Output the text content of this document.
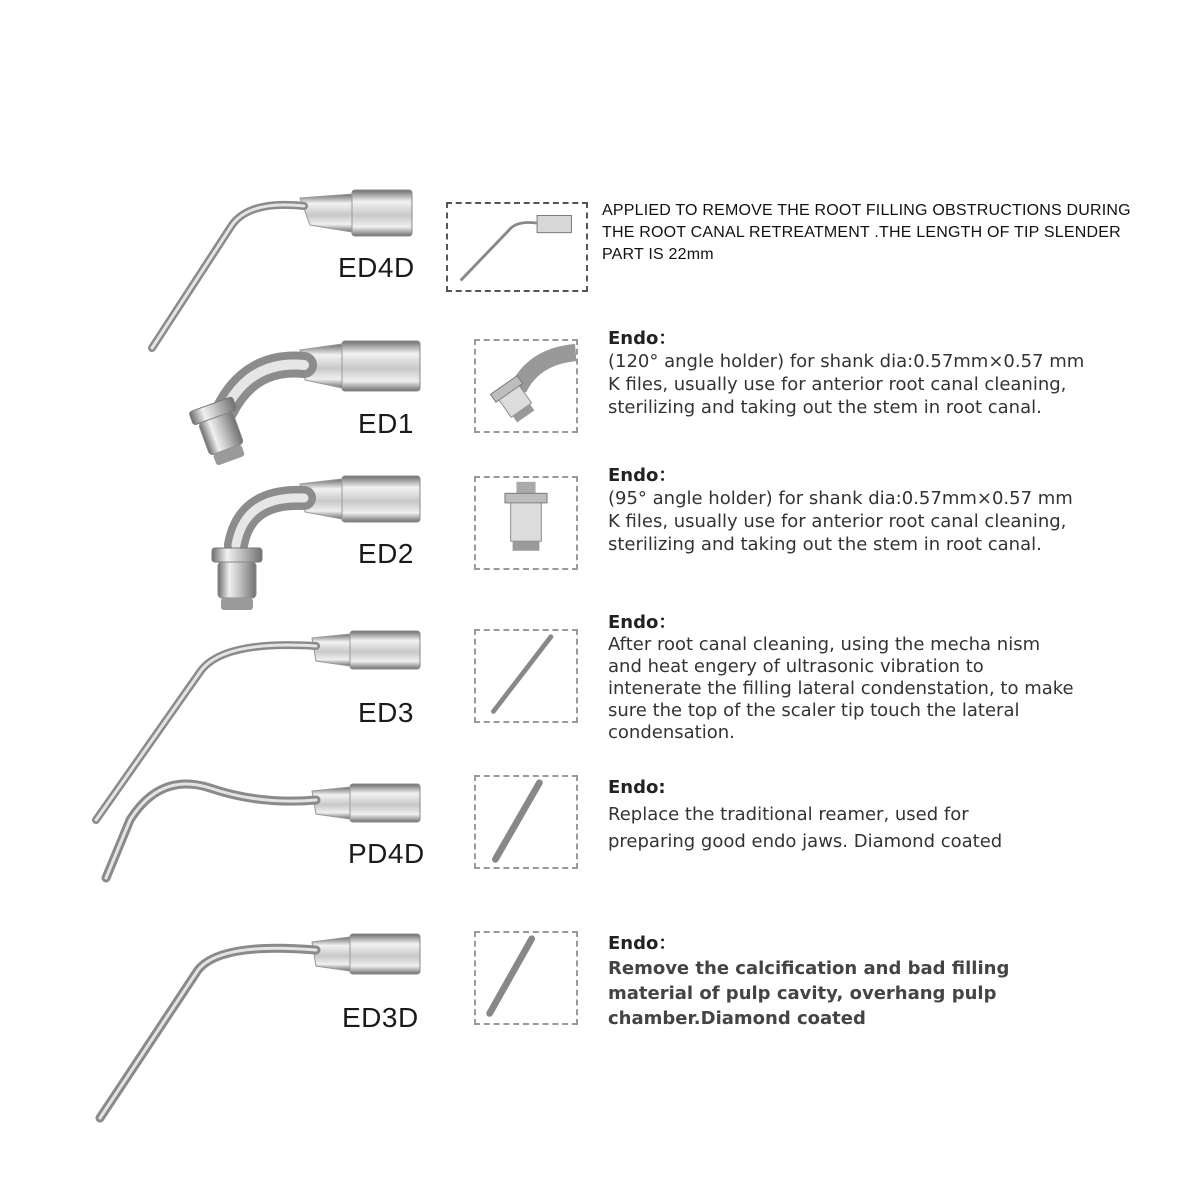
ED4D
ED1
ED2
ED3
PD4D
ED3D
APPLIED TO REMOVE THE ROOT FILLING OBSTRUCTIONS DURING THE ROOT CANAL RETREATMENT .THE LENGTH OF TIP SLENDER PART IS 22mm
Endo：
(120° angle holder) for shank dia:0.57mm×0.57 mm K files, usually use for anterior root canal cleaning, sterilizing and taking out the stem in root canal.
Endo：
(95° angle holder) for shank dia:0.57mm×0.57 mm K files, usually use for anterior root canal cleaning, sterilizing and taking out the stem in root canal.
Endo：
After root canal cleaning, using the mecha nism and heat engery of ultrasonic vibration to intenerate the filling lateral condenstation, to make sure the top of the scaler tip touch the lateral condensation.
Endo:
Replace the traditional reamer, used for preparing good endo jaws. Diamond coated
Endo：
Remove the calcification and bad filling material of pulp cavity, overhang pulp chamber.Diamond coated
